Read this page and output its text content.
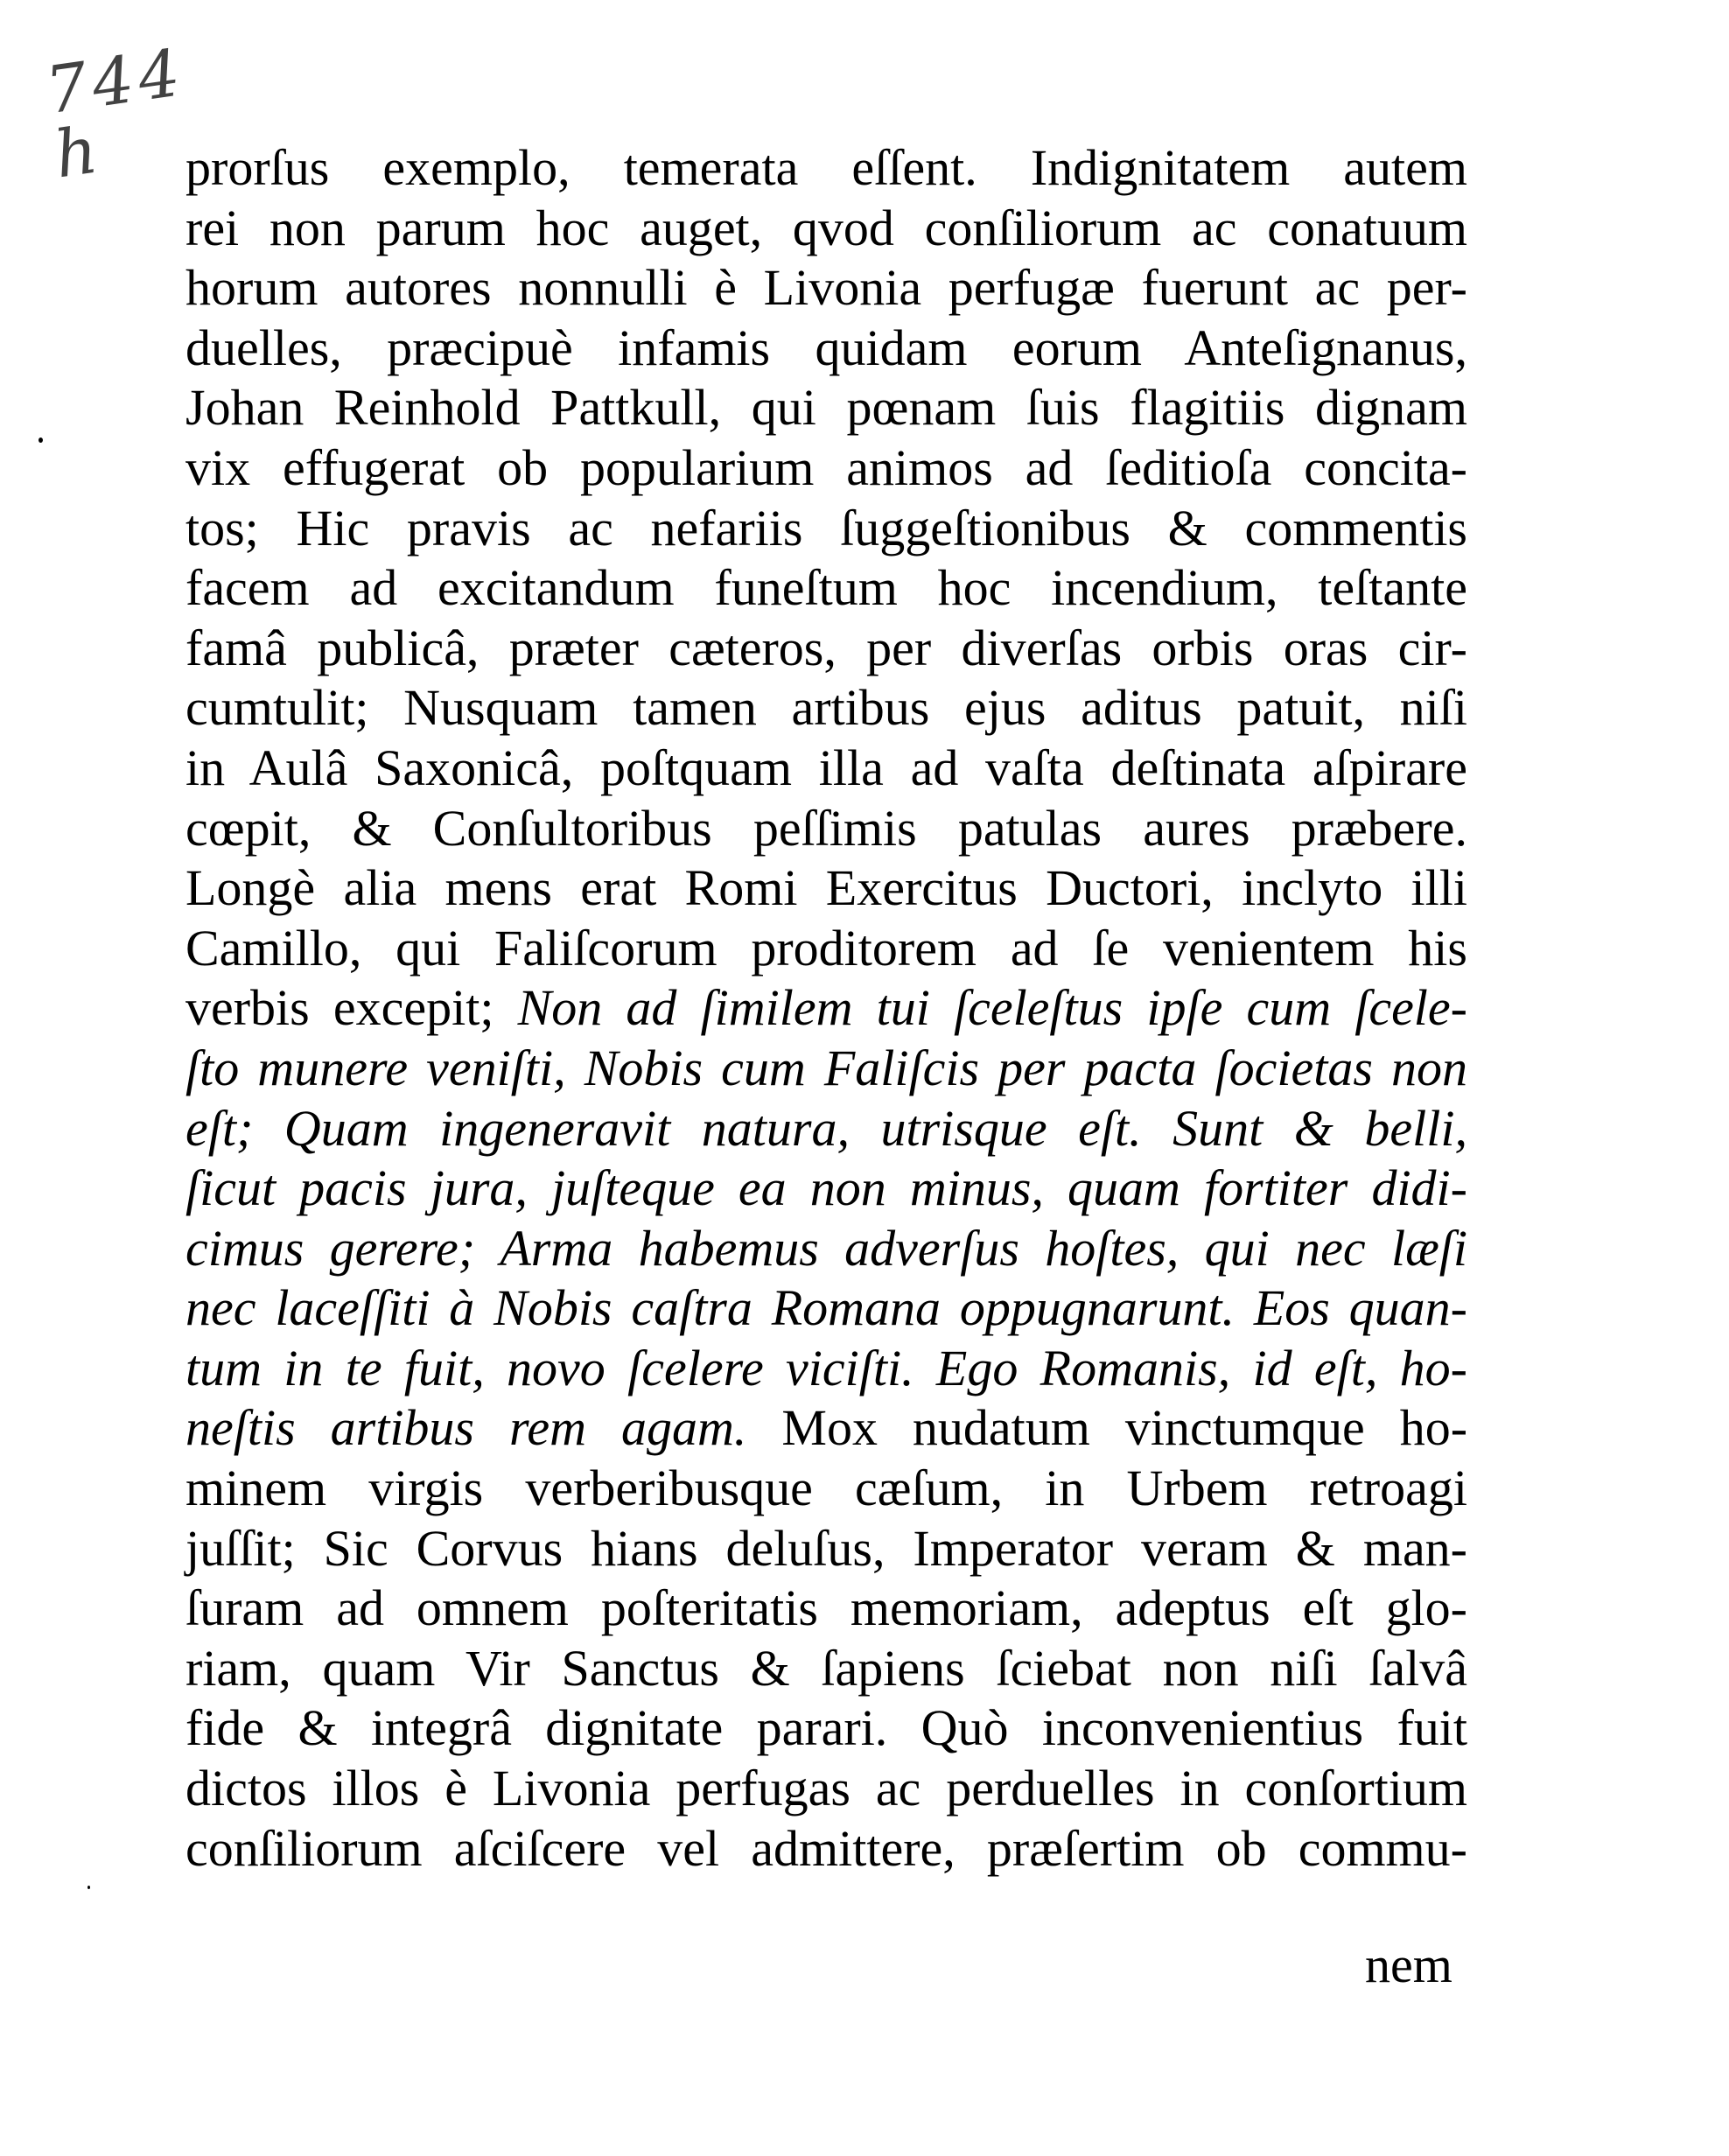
744 h	prorſus exemplo, temerata eſſent. Indignitatem autem
rei non parum hoc auget, qvod conſiliorum ac conatuum
horum autores nonnulli è Livonia perfugæ fuerunt ac per-
duelles, præcipuè infamis quidam eorum Anteſignanus,
Johan Reinhold Pattkull, qui pœnam ſuis flagitiis dignam
vix effugerat ob popularium animos ad ſeditioſa concita-
tos; Hic pravis ac nefariis ſuggeſtionibus & commentis
facem ad excitandum funeſtum hoc incendium, teſtante
famâ publicâ, præter cæteros, per diverſas orbis oras cir-
cumtulit; Nusquam tamen artibus ejus aditus patuit, niſi
in Aulâ Saxonicâ, poſtquam illa ad vaſta deſtinata aſpirare
cœpit, & Conſultoribus peſſimis patulas aures præbere.
Longè alia mens erat Romi Exercitus Ductori, inclyto illi
Camillo, qui Faliſcorum proditorem ad ſe venientem his
verbis excepit; Non ad ſimilem tui ſceleſtus ipſe cum ſcele-
ſto munere veniſti, Nobis cum Faliſcis per pacta ſocietas non
eſt; Quam ingeneravit natura, utrisque eſt. Sunt & belli,
ſicut pacis jura, juſteque ea non minus, quam fortiter didi-
cimus gerere; Arma habemus adverſus hoſtes, qui nec læſi
nec laceſſiti à Nobis caſtra Romana oppugnarunt. Eos quan-
tum in te fuit, novo ſcelere viciſti. Ego Romanis, id eſt, ho-
neſtis artibus rem agam. Mox nudatum vinctumque ho-
minem virgis verberibusque cæſum, in Urbem retroagi
juſſit; Sic Corvus hians deluſus, Imperator veram & man-
ſuram ad omnem poſteritatis memoriam, adeptus eſt glo-
riam, quam Vir Sanctus & ſapiens ſciebat non niſi ſalvâ
fide & integrâ dignitate parari. Quò inconvenientius fuit
dictos illos è Livonia perfugas ac perduelles in conſortium
conſiliorum aſciſcere vel admittere, præſertim ob commu-
nem
